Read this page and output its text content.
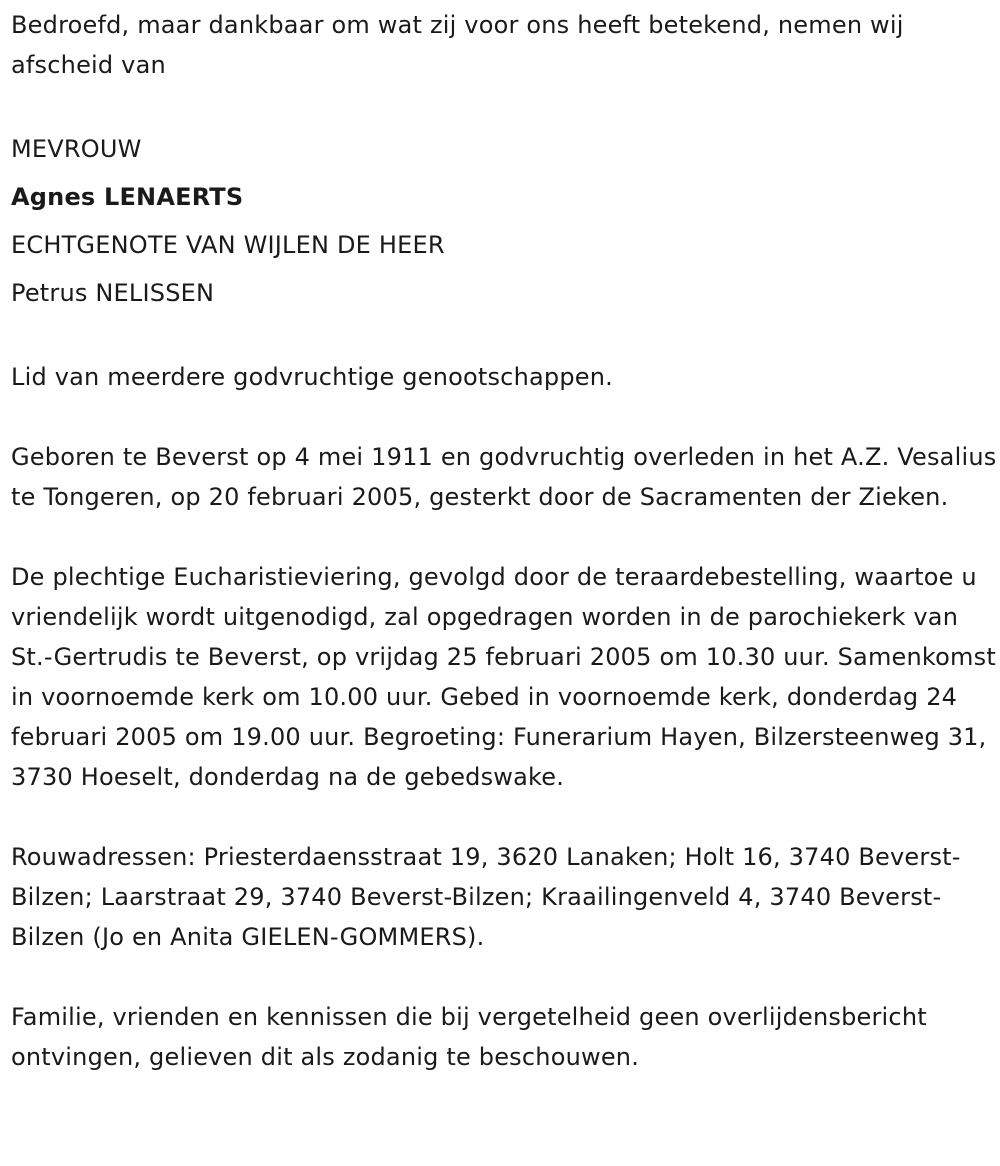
Bedroefd, maar dankbaar om wat zij voor ons heeft betekend, nemen wij afscheid van

MEVROUW

Agnes LENAERTS

ECHTGENOTE VAN WIJLEN DE HEER

Petrus NELISSEN

Lid van meerdere godvruchtige genootschappen.

Geboren te Beverst op 4 mei 1911 en godvruchtig overleden in het A.Z. Vesalius te Tongeren, op 20 februari 2005, gesterkt door de Sacramenten der Zieken.

De plechtige Eucharistieviering, gevolgd door de teraardebestelling, waartoe u vriendelijk wordt uitgenodigd, zal opgedragen worden in de parochiekerk van St.-Gertrudis te Beverst, op vrijdag 25 februari 2005 om 10.30 uur. Samenkomst in voornoemde kerk om 10.00 uur. Gebed in voornoemde kerk, donderdag 24 februari 2005 om 19.00 uur. Begroeting: Funerarium Hayen, Bilzersteenweg 31, 3730 Hoeselt, donderdag na de gebedswake.

Rouwadressen: Priesterdaensstraat 19, 3620 Lanaken; Holt 16, 3740 Beverst-Bilzen; Laarstraat 29, 3740 Beverst-Bilzen; Kraailingenveld 4, 3740 Beverst-Bilzen (Jo en Anita GIELEN-GOMMERS).

Familie, vrienden en kennissen die bij vergetelheid geen overlijdensbericht ontvingen, gelieven dit als zodanig te beschouwen.
